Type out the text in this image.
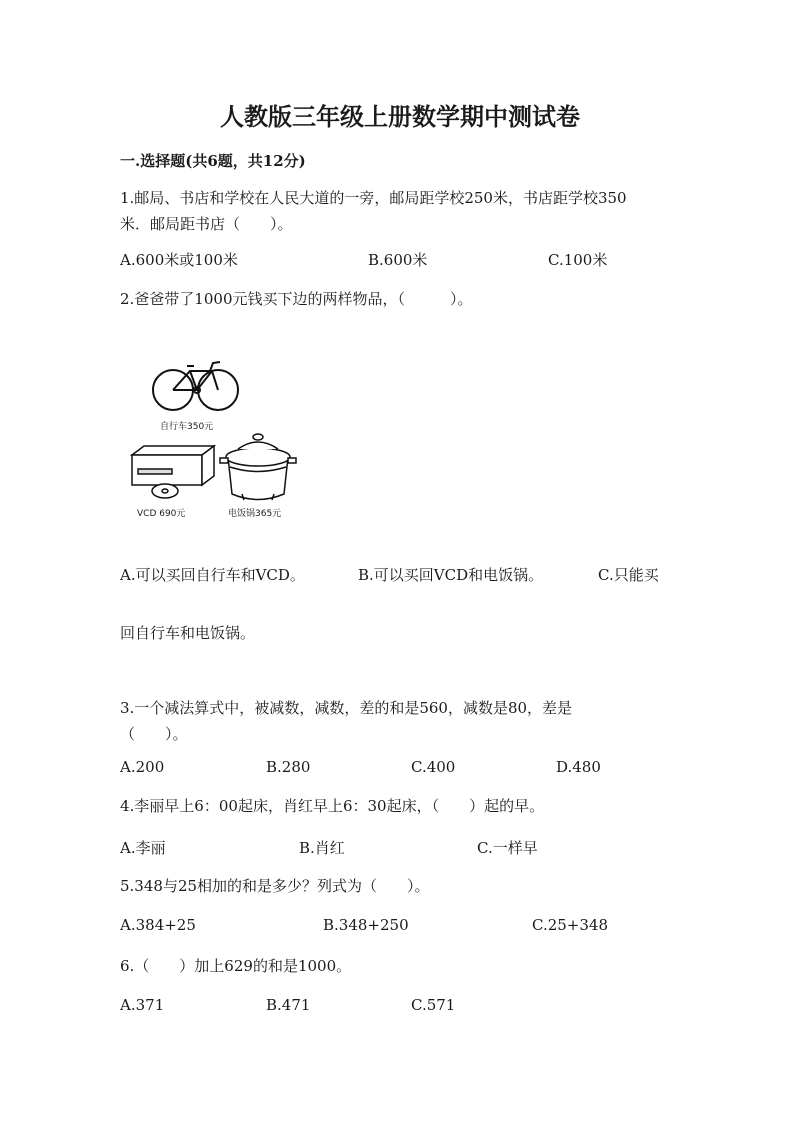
人教版三年级上册数学期中测试卷
一.选择题(共6题，共12分)
1.邮局、书店和学校在人民大道的一旁，邮局距学校250米，书店距学校350
米．邮局距书店（　　）。
A.600米或100米	B.600米	C.100米
2.爸爸带了1000元钱买下边的两样物品，（　　　）。
自行车350元
VCD 690元	电饭锅365元
A.可以买回自行车和VCD。	B.可以买回VCD和电饭锅。	C.只能买
回自行车和电饭锅。
3.一个减法算式中，被减数，减数，差的和是560，减数是80，差是
（　　）。
A.200	B.280	C.400	D.480
4.李丽早上6：00起床，肖红早上6：30起床，（　　）起的早。
A.李丽	B.肖红	C.一样早
5.348与25相加的和是多少？列式为（　　）。
A.384+25	B.348+250	C.25+348
6.（　　）加上629的和是1000。
A.371	B.471	C.571
